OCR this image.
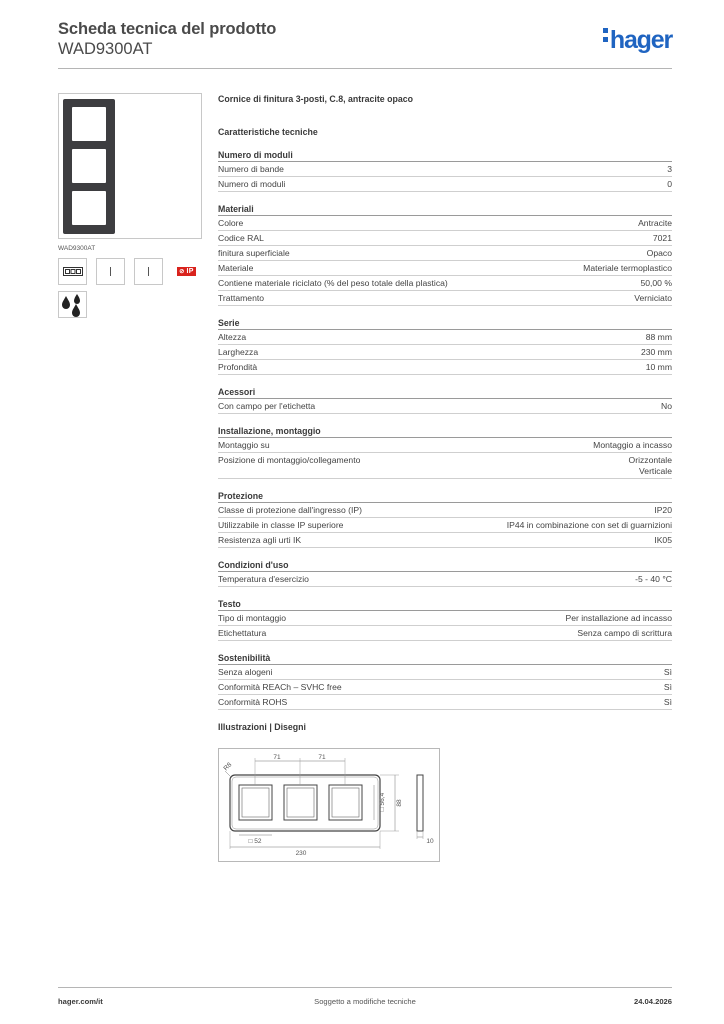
Scheda tecnica del prodotto
WAD9300AT	hager
WAD9300AT
⊘ IP
Cornice di finitura 3-posti, C.8, antracite opaco
Caratteristiche tecniche
Numero di moduli
Numero di bande	3
Numero di moduli	0
Materiali
Colore	Antracite
Codice RAL	7021
finitura superficiale	Opaco
Materiale	Materiale termoplastico
Contiene materiale riciclato (% del peso totale della plastica)	50,00 %
Trattamento	Verniciato
Serie
Altezza	88 mm
Larghezza	230 mm
Profondità	10 mm
Acessori
Con campo per l'etichetta	No
Installazione, montaggio
Montaggio su	Montaggio a incasso
Posizione di montaggio/collegamento	Orizzontale
Verticale
Protezione
Classe di protezione dall'ingresso (IP)	IP20
Utilizzabile in classe IP superiore	IP44 in combinazione con set di guarnizioni
Resistenza agli urti IK	IK05
Condizioni d'uso
Temperatura d'esercizio	-5 - 40 °C
Testo
Tipo di montaggio	Per installazione ad incasso
Etichettatura	Senza campo di scrittura
Sostenibilità
Senza alogeni	Sì
Conformità REACh – SVHC free	Sì
Conformità ROHS	Sì
Illustrazioni | Disegni
71	71
R8
□ 56,4 88
□ 52
230
10
hager.com/it	Soggetto a modifiche tecniche	24.04.2026
